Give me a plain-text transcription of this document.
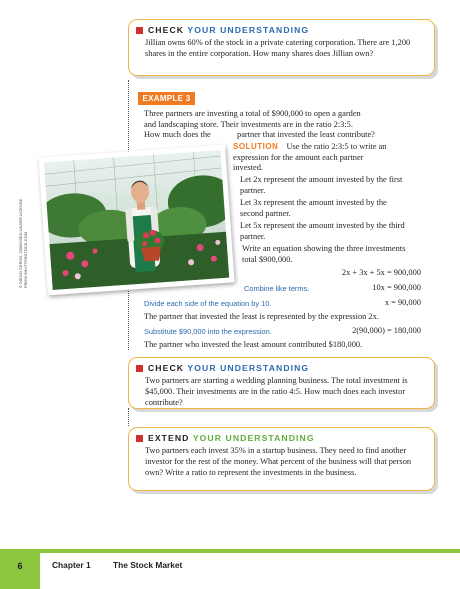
CHECK YOUR UNDERSTANDING
Jillian owns 60% of the stock in a private catering corporation. There are 1,200 shares in the entire corporation. How many shares does Jillian own?
EXAMPLE 3
Three partners are investing a total of $900,000 to open a garden
and landscaping store. Their investments are in the ratio 2:3:5.
How much does the	partner that invested the least contribute?
SOLUTION Use the ratio 2:3:5 to write an
expression for the amount each partner
invested.
Let 2x represent the amount invested by the first partner.
Let 3x represent the amount invested by the second partner.
Let 5x represent the amount invested by the third partner.
Write an equation showing the three investments total $900,000.
2x + 3x + 5x = 900,000
Combine like terms.	10x = 900,000
Divide each side of the equation by 10.	x = 90,000
The partner that invested the least is represented by the expression 2x.
Substitute $90,000 into the expression.	2(90,000) = 180,000
The partner who invested the least amount contributed $180,000.
© DIEGO CERVO, 2009/USED UNDER LICENSE FROM SHUTTERSTOCK.COM
CHECK YOUR UNDERSTANDING
Two partners are starting a wedding planning business. The total investment is $45,000. Their investments are in the ratio 4:5. How much does each investor contribute?
EXTEND YOUR UNDERSTANDING
Two partners each invest 35% in a startup business. They need to find another investor for the rest of the money. What percent of the business will that person own? Write a ratio to represent the investments in the business.
6	Chapter 1	The Stock Market
